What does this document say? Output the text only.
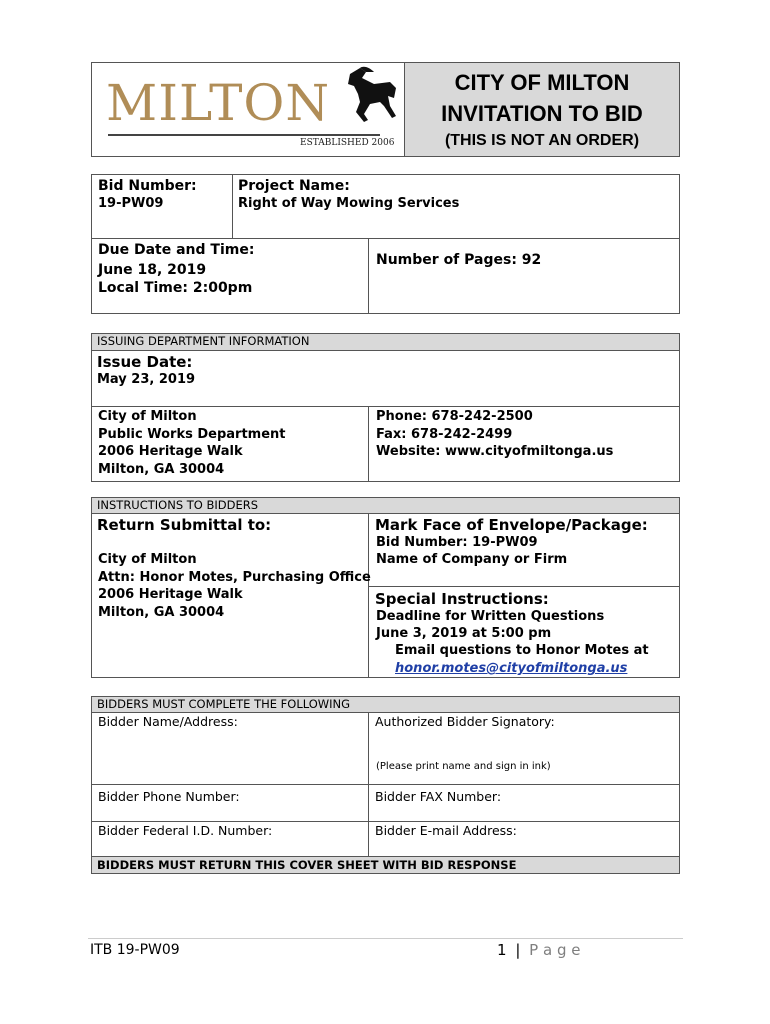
MILTON
ESTABLISHED 2006
CITY OF MILTON
INVITATION TO BID
(THIS IS NOT AN ORDER)
Bid Number:
19-PW09
Project Name:
Right of Way Mowing Services
Due Date and Time:
June 18, 2019
Local Time: 2:00pm
Number of Pages: 92
ISSUING DEPARTMENT INFORMATION
Issue Date:
May 23, 2019
City of Milton
Public Works Department
2006 Heritage Walk
Milton, GA 30004
Phone: 678-242-2500
Fax: 678-242-2499
Website: www.cityofmiltonga.us
INSTRUCTIONS TO BIDDERS
Return Submittal to:
City of Milton
Attn: Honor Motes, Purchasing Office
2006 Heritage Walk
Milton, GA 30004
Mark Face of Envelope/Package:
Bid Number: 19-PW09
Name of Company or Firm
Special Instructions:
Deadline for Written Questions
June 3, 2019 at 5:00 pm
Email questions to Honor Motes at
honor.motes@cityofmiltonga.us
BIDDERS MUST COMPLETE THE FOLLOWING
Bidder Name/Address:	Authorized Bidder Signatory:
(Please print name and sign in ink)
Bidder Phone Number:	Bidder FAX Number:
Bidder Federal I.D. Number:	Bidder E-mail Address:
BIDDERS MUST RETURN THIS COVER SHEET WITH BID RESPONSE
ITB 19-PW09	1 | P a g e
